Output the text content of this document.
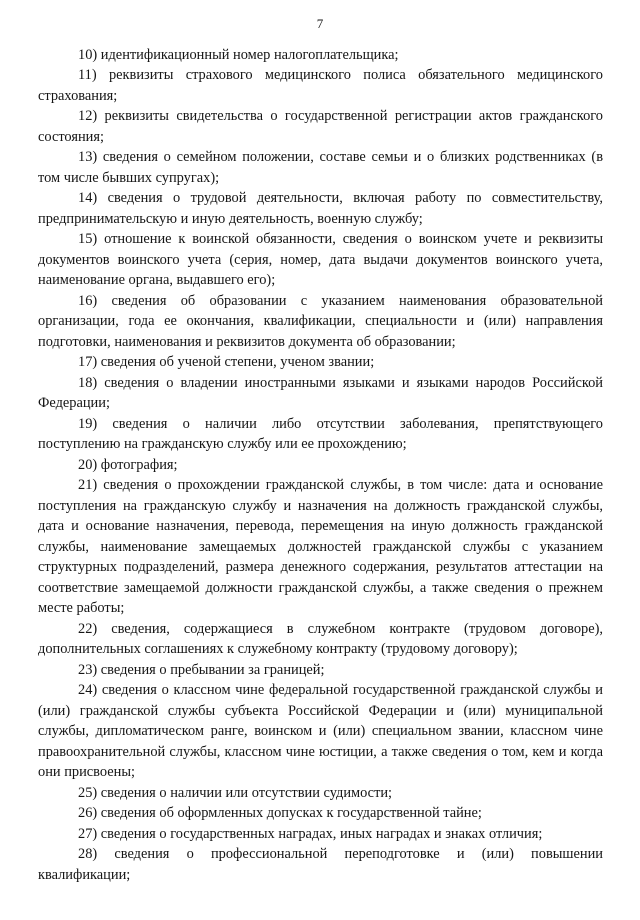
7

10) идентификационный номер налогоплательщика;

11) реквизиты страхового медицинского полиса обязательного медицинского страхования;

12) реквизиты свидетельства о государственной регистрации актов гражданского состояния;

13) сведения о семейном положении, составе семьи и о близких родственниках (в том числе бывших супругах);

14) сведения о трудовой деятельности, включая работу по совместительству, предпринимательскую и иную деятельность, военную службу;

15) отношение к воинской обязанности, сведения о воинском учете и реквизиты документов воинского учета (серия, номер, дата выдачи документов воинского учета, наименование органа, выдавшего его);

16) сведения об образовании с указанием наименования образовательной организации, года ее окончания, квалификации, специальности и (или) направления подготовки, наименования и реквизитов документа об образовании;

17) сведения об ученой степени, ученом звании;

18) сведения о владении иностранными языками и языками народов Российской Федерации;

19) сведения о наличии либо отсутствии заболевания, препятствующего поступлению на гражданскую службу или ее прохождению;

20) фотография;

21) сведения о прохождении гражданской службы, в том числе: дата и основание поступления на гражданскую службу и назначения на должность гражданской службы, дата и основание назначения, перевода, перемещения на иную должность гражданской службы, наименование замещаемых должностей гражданской службы с указанием структурных подразделений, размера денежного содержания, результатов аттестации на соответствие замещаемой должности гражданской службы, а также сведения о прежнем месте работы;

22) сведения, содержащиеся в служебном контракте (трудовом договоре), дополнительных соглашениях к служебному контракту (трудовому договору);

23) сведения о пребывании за границей;

24) сведения о классном чине федеральной государственной гражданской службы и (или) гражданской службы субъекта Российской Федерации и (или) муниципальной службы, дипломатическом ранге, воинском и (или) специальном звании, классном чине правоохранительной службы, классном чине юстиции, а также сведения о том, кем и когда они присвоены;

25) сведения о наличии или отсутствии судимости;

26) сведения об оформленных допусках к государственной тайне;

27) сведения о государственных наградах, иных наградах и знаках отличия;

28) сведения о профессиональной переподготовке и (или) повышении квалификации;
